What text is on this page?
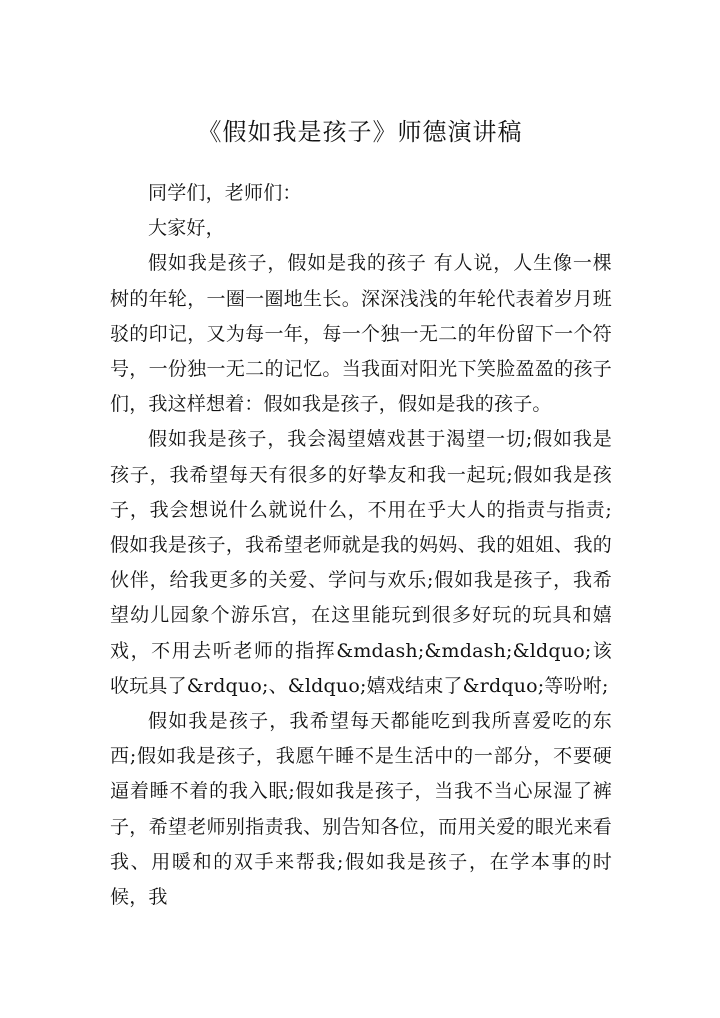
《假如我是孩子》师德演讲稿

同学们，老师们：

大家好，

假如我是孩子，假如是我的孩子 有人说，人生像一棵树的年轮，一圈一圈地生长。深深浅浅的年轮代表着岁月班驳的印记，又为每一年，每一个独一无二的年份留下一个符号，一份独一无二的记忆。当我面对阳光下笑脸盈盈的孩子们，我这样想着：假如我是孩子，假如是我的孩子。

假如我是孩子，我会渴望嬉戏甚于渴望一切;假如我是孩子，我希望每天有很多的好挚友和我一起玩;假如我是孩子，我会想说什么就说什么，不用在乎大人的指责与指责;假如我是孩子，我希望老师就是我的妈妈、我的姐姐、我的伙伴，给我更多的关爱、学问与欢乐;假如我是孩子，我希望幼儿园象个游乐宫，在这里能玩到很多好玩的玩具和嬉戏，不用去听老师的指挥&mdash;&mdash;&ldquo;该收玩具了&rdquo;、&ldquo;嬉戏结束了&rdquo;等吩咐;

假如我是孩子，我希望每天都能吃到我所喜爱吃的东西;假如我是孩子，我愿午睡不是生活中的一部分，不要硬逼着睡不着的我入眠;假如我是孩子，当我不当心尿湿了裤子，希望老师别指责我、别告知各位，而用关爱的眼光来看我、用暖和的双手来帮我;假如我是孩子，在学本事的时候，我
